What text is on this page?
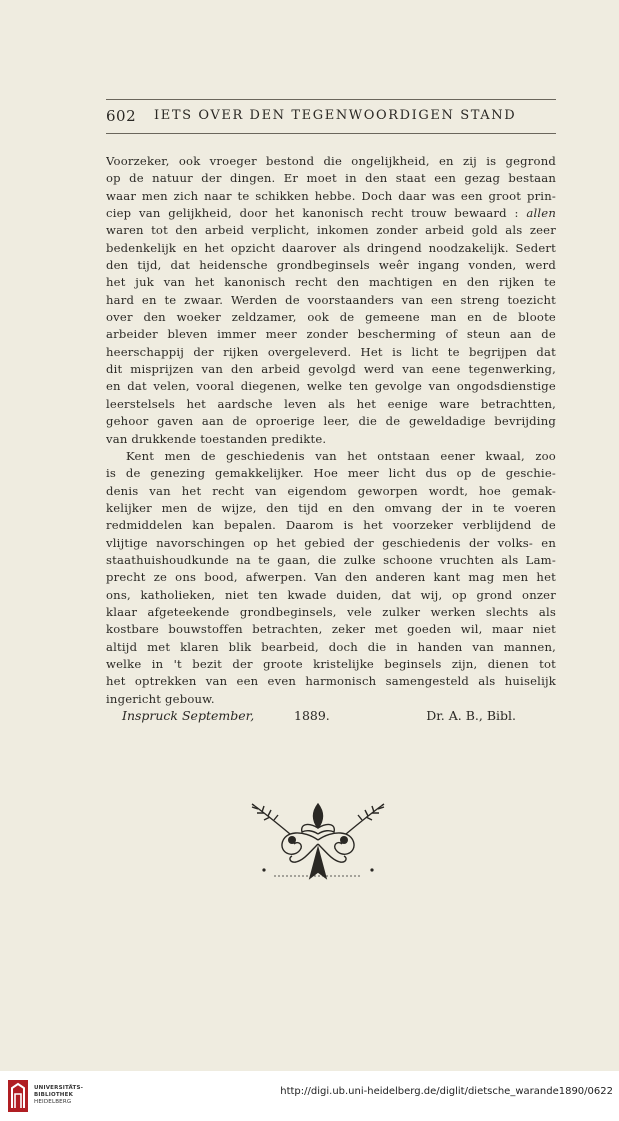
602 IETS OVER DEN TEGENWOORDIGEN STAND
Voorzeker, ook vroeger bestond die ongelijkheid, en zij is gegrond
op de natuur der dingen. Er moet in den staat een gezag bestaan
waar men zich naar te schikken hebbe. Doch daar was een groot prin-
ciep van gelijkheid, door het kanonisch recht trouw bewaard : allen
waren tot den arbeid verplicht, inkomen zonder arbeid gold als zeer
bedenkelijk en het opzicht daarover als dringend noodzakelijk. Sedert
den tijd, dat heidensche grondbeginsels weêr ingang vonden, werd
het juk van het kanonisch recht den machtigen en den rijken te
hard en te zwaar. Werden de voorstaanders van een streng toezicht
over den woeker zeldzamer, ook de gemeene man en de bloote
arbeider bleven immer meer zonder bescherming of steun aan de
heerschappij der rijken overgeleverd. Het is licht te begrijpen dat
dit misprijzen van den arbeid gevolgd werd van eene tegenwerking,
en dat velen, vooral diegenen, welke ten gevolge van ongodsdienstige
leerstelsels het aardsche leven als het eenige ware betrachtten,
gehoor gaven aan de oproerige leer, die de geweldadige bevrijding
van drukkende toestanden predikte.
Kent men de geschiedenis van het ontstaan eener kwaal, zoo
is de genezing gemakkelijker. Hoe meer licht dus op de geschie-
denis van het recht van eigendom geworpen wordt, hoe gemak-
kelijker men de wijze, den tijd en den omvang der in te voeren
redmiddelen kan bepalen. Daarom is het voorzeker verblijdend de
vlijtige navorschingen op het gebied der geschiedenis der volks- en
staathuishoudkunde na te gaan, die zulke schoone vruchten als Lam-
precht ze ons bood, afwerpen. Van den anderen kant mag men het
ons, katholieken, niet ten kwade duiden, dat wij, op grond onzer
klaar afgeteekende grondbeginsels, vele zulker werken slechts als
kostbare bouwstoffen betrachten, zeker met goeden wil, maar niet
altijd met klaren blik bearbeid, doch die in handen van mannen,
welke in 't bezit der groote kristelijke beginsels zijn, dienen tot
het optrekken van een even harmonisch samengesteld als huiselijk
ingericht gebouw.
Inspruck September,	1889.	Dr. A. B., Bibl.
UNIVERSITÄTS-
BIBLIOTHEK
HEIDELBERG
http://digi.ub.uni-heidelberg.de/diglit/dietsche_warande1890/0622
